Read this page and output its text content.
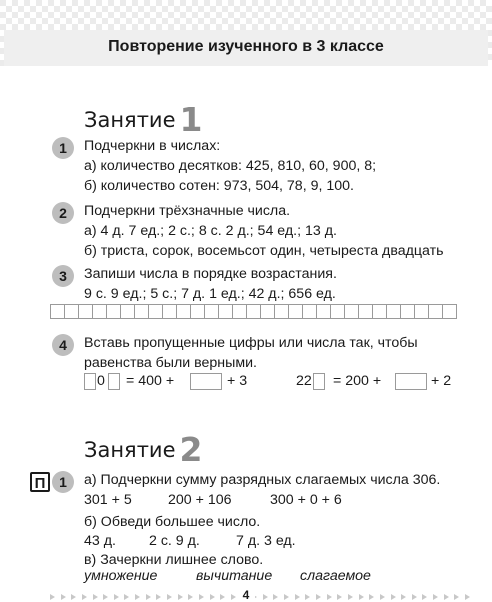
Повторение изученного в 3 классе
Занятие 1
1	Подчеркни в числах:
а) количество десятков: 425, 810, 60, 900, 8;
б) количество сотен: 973, 504, 78, 9, 100.
2	Подчеркни трёхзначные числа.
а) 4 д. 7 ед.; 2 с.; 8 с. 2 д.; 54 ед.; 13 д.
б) триста, сорок, восемьсот один, четыреста двадцать
3	Запиши числа в порядке возрастания.
9 с. 9 ед.; 5 с.; 7 д. 1 ед.; 42 д.; 656 ед.
4	Вставь пропущенные цифры или числа так, чтобы
равенства были верными.
0 = 400 +	+ 3	22 = 200 +	+ 2
Занятие 2
П 1	а) Подчеркни сумму разрядных слагаемых числа 306.
301 + 5	200 + 106	300 + 0 + 6
б) Обведи большее число.
43 д. 2 с. 9 д.	7 д. 3 ед.
в) Зачеркни лишнее слово.
умножение	вычитание слагаемое
4
